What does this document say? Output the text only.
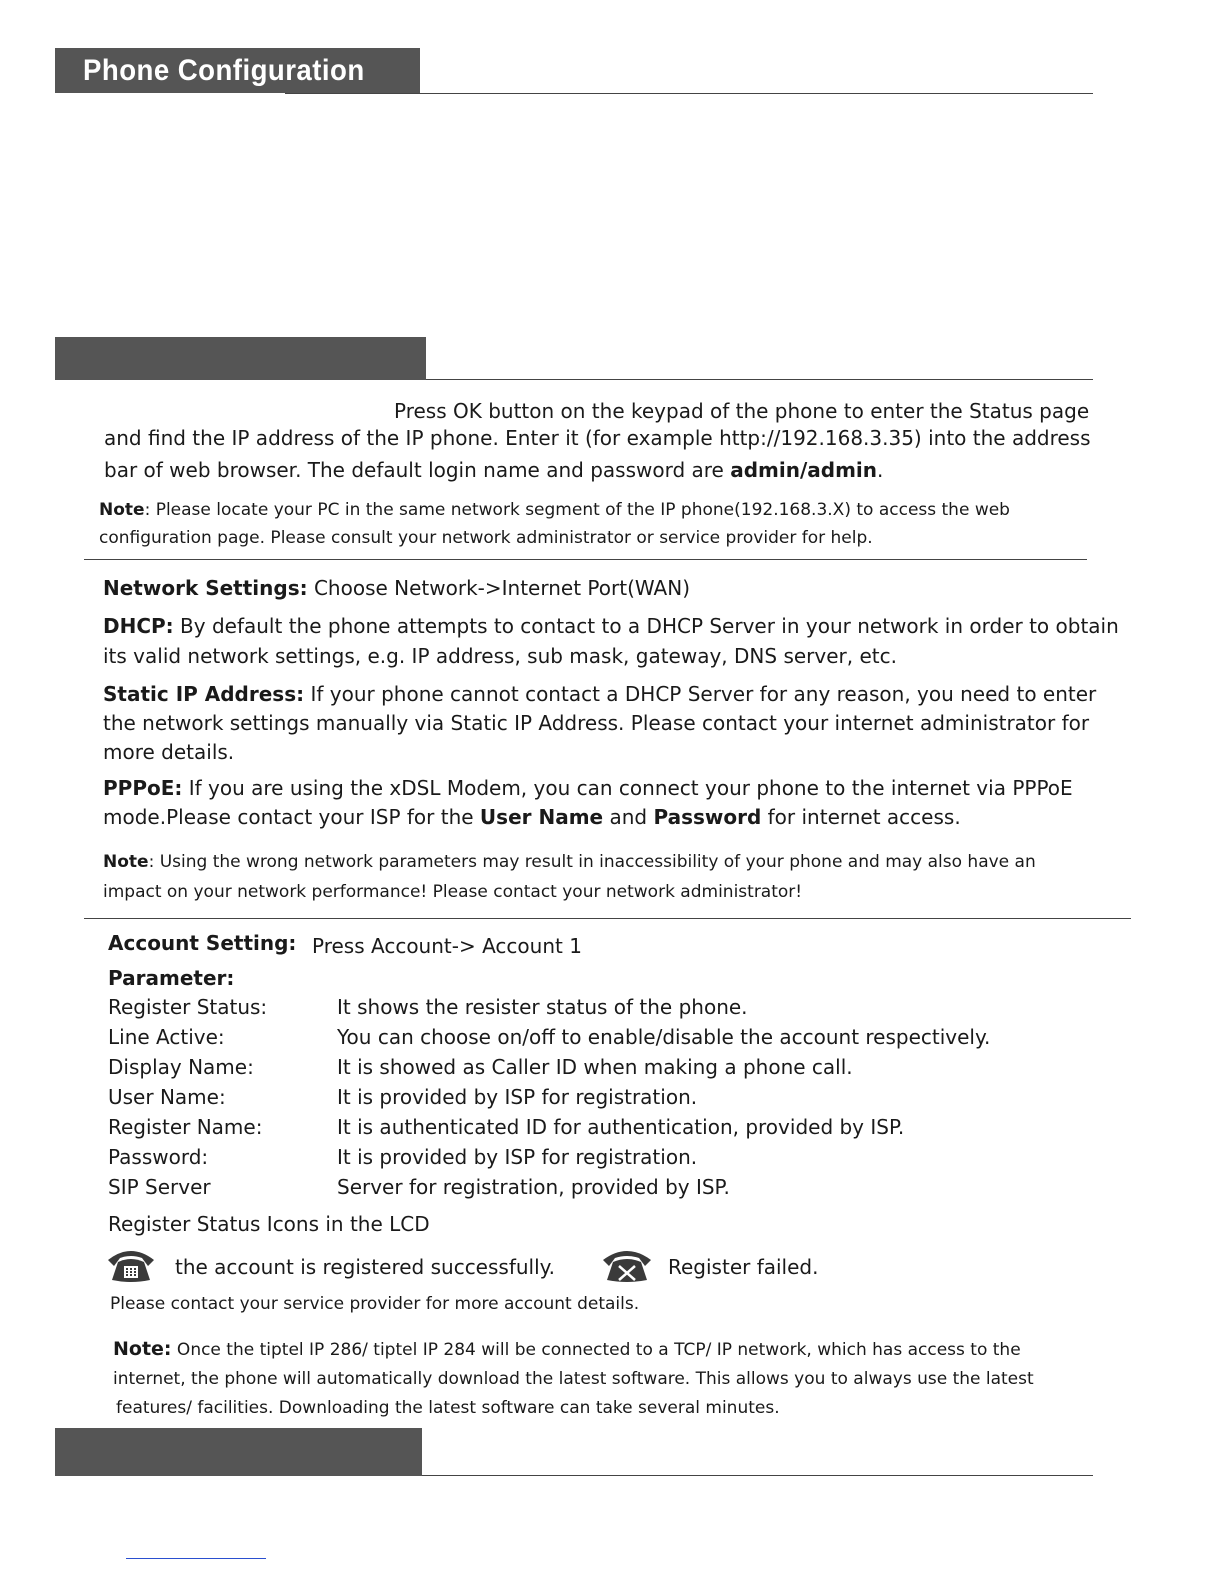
Phone Configuration
Press OK button on the keypad of the phone to enter the Status page
and find the IP address of the IP phone. Enter it (for example http://192.168.3.35) into the address
bar of web browser. The default login name and password are admin/admin.
Note: Please locate your PC in the same network segment of the IP phone(192.168.3.X) to access the web
configuration page. Please consult your network administrator or service provider for help.
Network Settings: Choose Network->Internet Port(WAN)
DHCP: By default the phone attempts to contact to a DHCP Server in your network in order to obtain
its valid network settings, e.g. IP address, sub mask, gateway, DNS server, etc.
Static IP Address: If your phone cannot contact a DHCP Server for any reason, you need to enter
the network settings manually via Static IP Address. Please contact your internet administrator for
more details.
PPPoE: If you are using the xDSL Modem, you can connect your phone to the internet via PPPoE
mode.Please contact your ISP for the User Name and Password for internet access.
Note: Using the wrong network parameters may result in inaccessibility of your phone and may also have an
impact on your network performance! Please contact your network administrator!
Account Setting: Press Account-> Account 1
Parameter:
Register Status:	It shows the resister status of the phone.
Line Active:	You can choose on/off to enable/disable the account respectively.
Display Name:	It is showed as Caller ID when making a phone call.
User Name:	It is provided by ISP for registration.
Register Name:	It is authenticated ID for authentication, provided by ISP.
Password:	It is provided by ISP for registration.
SIP Server	Server for registration, provided by ISP.
Register Status Icons in the LCD
the account is registered successfully.	Register failed.
Please contact your service provider for more account details.
Note: Once the tiptel IP 286/ tiptel IP 284 will be connected to a TCP/ IP network, which has access to the
internet, the phone will automatically download the latest software. This allows you to always use the latest
features/ facilities. Downloading the latest software can take several minutes.
